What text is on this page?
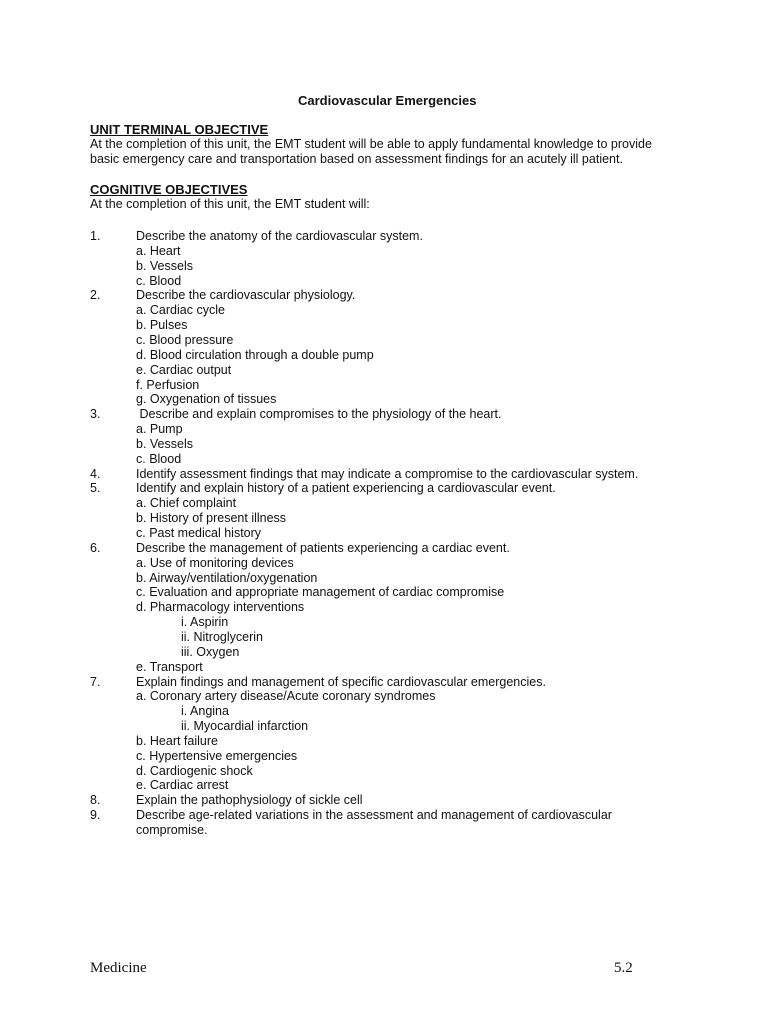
Cardiovascular Emergencies
UNIT TERMINAL OBJECTIVE
At the completion of this unit, the EMT student will be able to apply fundamental knowledge to provide
basic emergency care and transportation based on assessment findings for an acutely ill patient.
COGNITIVE OBJECTIVES
At the completion of this unit, the EMT student will:
1.	Describe the anatomy of the cardiovascular system.
a. Heart
b. Vessels
c. Blood
2.	Describe the cardiovascular physiology.
a. Cardiac cycle
b. Pulses
c. Blood pressure
d. Blood circulation through a double pump
e. Cardiac output
f. Perfusion
g. Oxygenation of tissues
3.	Describe and explain compromises to the physiology of the heart.
a. Pump
b. Vessels
c. Blood
4.	Identify assessment findings that may indicate a compromise to the cardiovascular system.
5.	Identify and explain history of a patient experiencing a cardiovascular event.
a. Chief complaint
b. History of present illness
c. Past medical history
6.	Describe the management of patients experiencing a cardiac event.
a. Use of monitoring devices
b. Airway/ventilation/oxygenation
c. Evaluation and appropriate management of cardiac compromise
d. Pharmacology interventions
i. Aspirin
ii. Nitroglycerin
iii. Oxygen
e. Transport
7.	Explain findings and management of specific cardiovascular emergencies.
a. Coronary artery disease/Acute coronary syndromes
i. Angina
ii. Myocardial infarction
b. Heart failure
c. Hypertensive emergencies
d. Cardiogenic shock
e. Cardiac arrest
8.	Explain the pathophysiology of sickle cell
9.	Describe age-related variations in the assessment and management of cardiovascular
compromise.
Medicine	5.2
